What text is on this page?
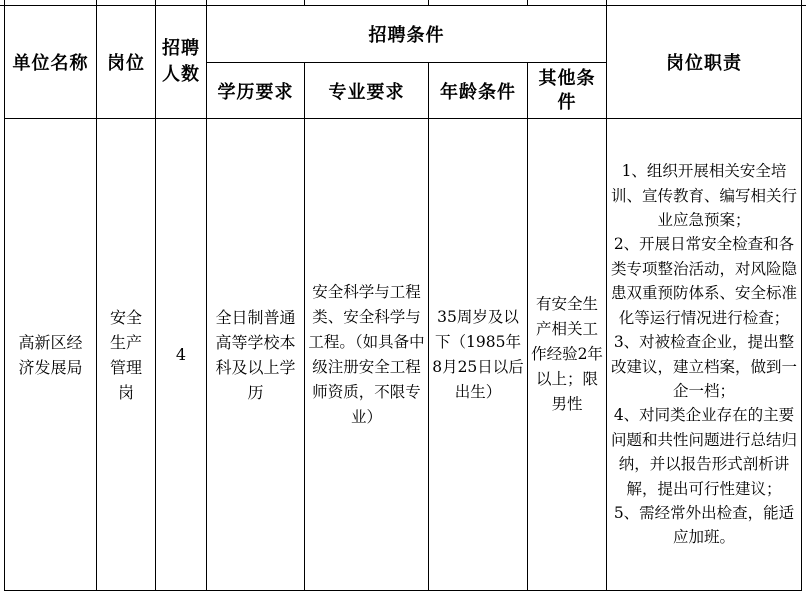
单位名称 岗位
招聘人数
招聘条件
学历要求 专业要求 年龄条件
其他条件
岗位职责
高新区经济发展局
安全生产管理岗
4
全日制普通高等学校本科及以上学历
安全科学与工程类、安全科学与工程。（如具备中级注册安全工程师资质，不限专业）
35周岁及以下（1985年8月25日以后出生）
有安全生产相关工作经验2年以上；限男性

1、组织开展相关安全培训、宣传教育、编写相关行业应急预案；

2、开展日常安全检查和各类专项整治活动，对风险隐患双重预防体系、安全标准化等运行情况进行检查；

3、对被检查企业，提出整改建议，建立档案，做到一企一档；

4、对同类企业存在的主要问题和共性问题进行总结归纳，并以报告形式剖析讲解，提出可行性建议；

5、需经常外出检查，能适应加班。
